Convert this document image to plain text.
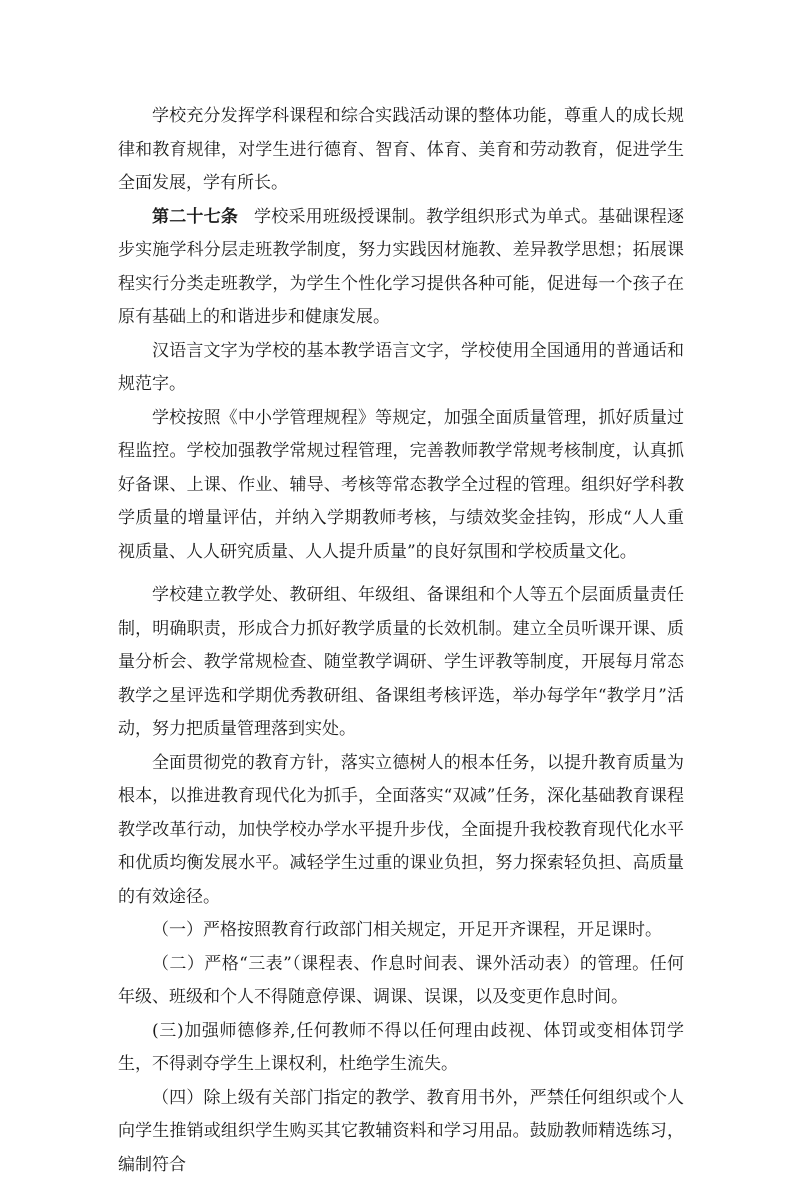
学校充分发挥学科课程和综合实践活动课的整体功能，尊重人的成长规律和教育规律，对学生进行德育、智育、体育、美育和劳动教育，促进学生全面发展，学有所长。

第二十七条 学校采用班级授课制。教学组织形式为单式。基础课程逐步实施学科分层走班教学制度，努力实践因材施教、差异教学思想；拓展课程实行分类走班教学，为学生个性化学习提供各种可能，促进每一个孩子在原有基础上的和谐进步和健康发展。

汉语言文字为学校的基本教学语言文字，学校使用全国通用的普通话和规范字。

学校按照《中小学管理规程》等规定，加强全面质量管理，抓好质量过程监控。学校加强教学常规过程管理，完善教师教学常规考核制度，认真抓好备课、上课、作业、辅导、考核等常态教学全过程的管理。组织好学科教学质量的增量评估，并纳入学期教师考核，与绩效奖金挂钩，形成“人人重视质量、人人研究质量、人人提升质量”的良好氛围和学校质量文化。

学校建立教学处、教研组、年级组、备课组和个人等五个层面质量责任制，明确职责，形成合力抓好教学质量的长效机制。建立全员听课开课、质量分析会、教学常规检查、随堂教学调研、学生评教等制度，开展每月常态教学之星评选和学期优秀教研组、备课组考核评选，举办每学年“教学月”活动，努力把质量管理落到实处。

全面贯彻党的教育方针，落实立德树人的根本任务，以提升教育质量为根本，以推进教育现代化为抓手，全面落实“双减”任务，深化基础教育课程教学改革行动，加快学校办学水平提升步伐，全面提升我校教育现代化水平和优质均衡发展水平。减轻学生过重的课业负担，努力探索轻负担、高质量的有效途径。

（一）严格按照教育行政部门相关规定，开足开齐课程，开足课时。

（二）严格“三表”（课程表、作息时间表、课外活动表）的管理。任何年级、班级和个人不得随意停课、调课、误课，以及变更作息时间。

(三)加强师德修养,任何教师不得以任何理由歧视、体罚或变相体罚学生，不得剥夺学生上课权利，杜绝学生流失。

（四）除上级有关部门指定的教学、教育用书外，严禁任何组织或个人向学生推销或组织学生购买其它教辅资料和学习用品。鼓励教师精选练习，编制符合
